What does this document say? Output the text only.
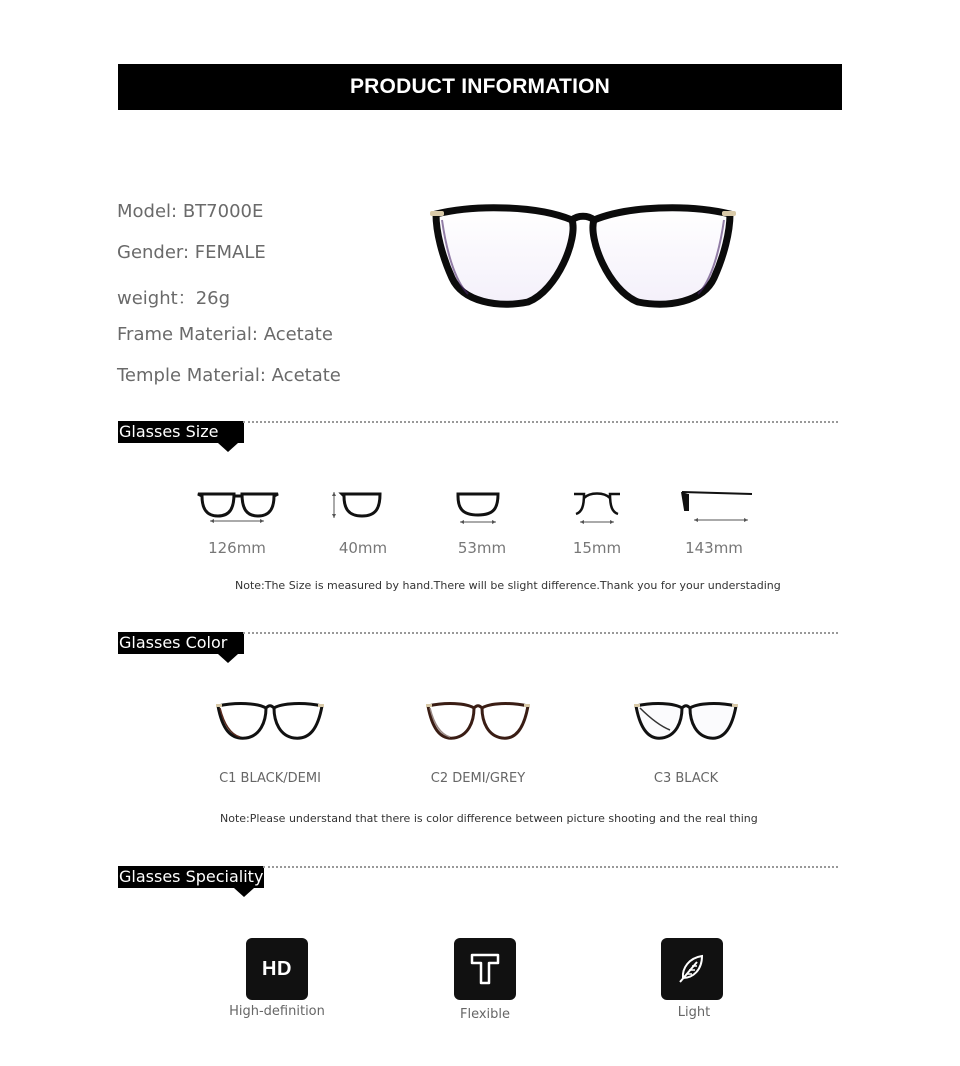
PRODUCT INFORMATION
Model: BT7000E
Gender: FEMALE
weight：26g
Frame Material: Acetate
Temple Material: Acetate
Glasses Size
126mm	40mm	53mm	15mm	143mm
Note:The Size is measured by hand.There will be slight difference.Thank you for your understading
Glasses Color
C1 BLACK/DEMI	C2 DEMI/GREY	C3 BLACK
Note:Please understand that there is color difference between picture shooting and the real thing
Glasses Speciality
HD
High-definition	Flexible	Light
